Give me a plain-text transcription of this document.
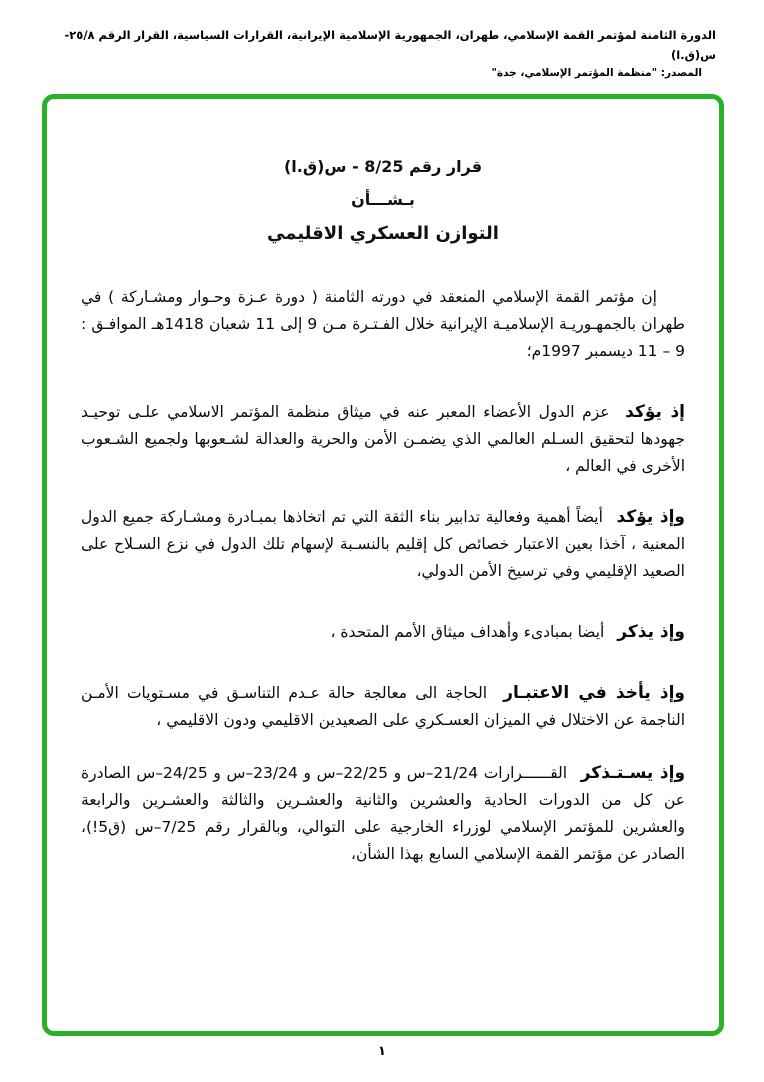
الدورة الثامنة لمؤتمر القمة الإسلامي، طهران، الجمهورية الإسلامية الإيرانية، القرارات السياسية، القرار الرقم ٢٥/٨-س(ق.ا)
المصدر: "منظمة المؤتمر الإسلامي، جدة"
قرار رقم 8/25 - س(ق.ا)
بـشـــأن
التوازن العسكري الاقليمي

إن مؤتمر القمة الإسلامي المنعقد في دورته الثامنة ( دورة عـزة وحـوار ومشـاركة ) في طهران بالجمهـوريـة الإسلاميـة الإيرانية خلال الفـتـرة مـن 9 إلى 11 شعبان 1418هـ الموافـق : 9 – 11 ديسمبر 1997م؛

إذ يؤكد عزم الدول الأعضاء المعبر عنه في ميثاق منظمة المؤتمر الاسلامي علـى توحيـد جهودها لتحقيق السـلم العالمي الذي يضمـن الأمن والحرية والعدالة لشـعوبها ولجميع الشـعوب الأخرى في العالم ،

وإذ يؤكد أيضاً أهمية وفعالية تدابير بناء الثقة التي تم اتخاذها بمبـادرة ومشـاركة جميع الدول المعنية ، آخذا بعين الاعتبار خصائص كل إقليم بالنسـبة لإسهام تلك الدول في نزع السـلاح على الصعيد الإقليمي وفي ترسيخ الأمن الدولي،

وإذ يذكر أيضا بمبادىء وأهداف ميثاق الأمم المتحدة ،

وإذ يأخذ في الاعتبـار الحاجة الى معالجة حالة عـدم التناسـق في مسـتويات الأمـن الناجمة عن الاختلال في الميزان العسـكري على الصعيدين الاقليمي ودون الاقليمي ،

وإذ يسـتـذكر القــــــرارات 21/24–س و 22/25–س و 23/24–س و 24/25–س الصادرة عن كل من الدورات الحادية والعشرين والثانية والعشـرين والثالثة والعشـرين والرابعة والعشرين للمؤتمر الإسلامي لوزراء الخارجية على التوالي، وبالقرار رقم 7/25–س (ق5!)، الصادر عن مؤتمر القمة الإسلامي السابع بهذا الشأن،

١
